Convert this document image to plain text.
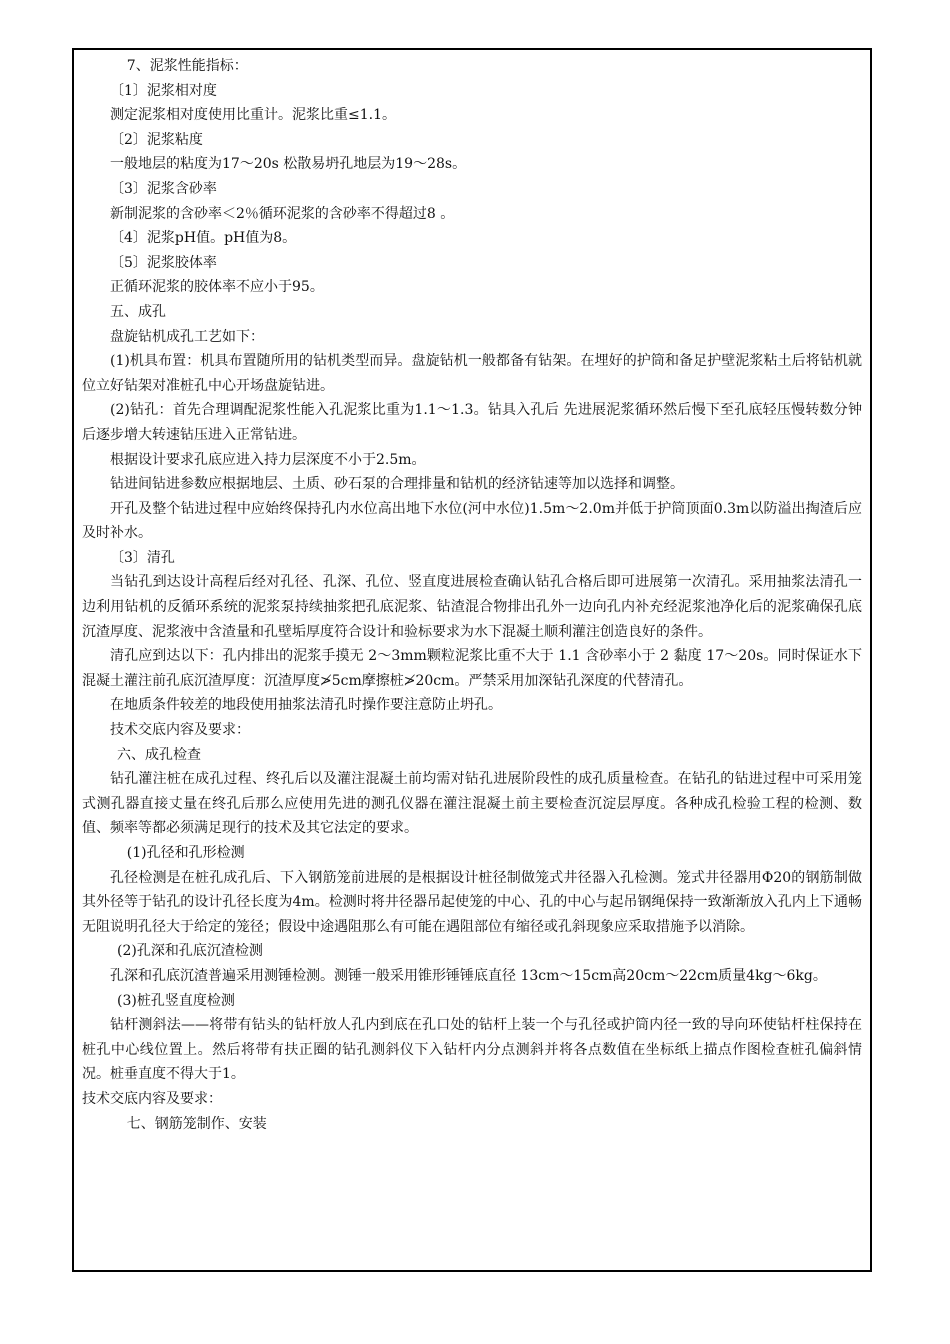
7、泥浆性能指标：

〔1〕泥浆相对度

测定泥浆相对度使用比重计。泥浆比重≤1.1。

〔2〕泥浆粘度

一般地层的粘度为17～20s 松散易坍孔地层为19～28s。

〔3〕泥浆含砂率

新制泥浆的含砂率＜2％循环泥浆的含砂率不得超过8 。

〔4〕泥浆pH值。pH值为8。

〔5〕泥浆胶体率

正循环泥浆的胶体率不应小于95。

五、成孔

盘旋钻机成孔工艺如下：

(1)机具布置：机具布置随所用的钻机类型而异。盘旋钻机一般都备有钻架。在埋好的护筒和备足护壁泥浆粘土后将钻机就位立好钻架对准桩孔中心开场盘旋钻进。

(2)钻孔：首先合理调配泥浆性能入孔泥浆比重为1.1～1.3。钻具入孔后 先进展泥浆循环然后慢下至孔底轻压慢转数分钟后逐步增大转速钻压进入正常钻进。

根据设计要求孔底应进入持力层深度不小于2.5m。

钻进间钻进参数应根据地层、土质、砂石泵的合理排量和钻机的经济钻速等加以选择和调整。

开孔及整个钻进过程中应始终保持孔内水位高出地下水位(河中水位)1.5m～2.0m并低于护筒顶面0.3m以防溢出掏渣后应及时补水。

〔3〕清孔

当钻孔到达设计高程后经对孔径、孔深、孔位、竖直度进展检查确认钻孔合格后即可进展第一次清孔。采用抽浆法清孔一边利用钻机的反循环系统的泥浆泵持续抽浆把孔底泥浆、钻渣混合物排出孔外一边向孔内补充经泥浆池净化后的泥浆确保孔底沉渣厚度、泥浆液中含渣量和孔壁垢厚度符合设计和验标要求为水下混凝土顺利灌注创造良好的条件。

清孔应到达以下：孔内排出的泥浆手摸无 2～3mm颗粒泥浆比重不大于 1.1 含砂率小于 2 黏度 17～20s。同时保证水下混凝土灌注前孔底沉渣厚度：沉渣厚度≯5cm摩擦桩≯20cm。严禁采用加深钻孔深度的代替清孔。

在地质条件较差的地段使用抽浆法清孔时操作要注意防止坍孔。

技术交底内容及要求：

六、成孔检查

钻孔灌注桩在成孔过程、终孔后以及灌注混凝土前均需对钻孔进展阶段性的成孔质量检查。在钻孔的钻进过程中可采用笼式测孔器直接丈量在终孔后那么应使用先进的测孔仪器在灌注混凝土前主要检查沉淀层厚度。各种成孔检验工程的检测、数值、频率等都必须满足现行的技术及其它法定的要求。

(1)孔径和孔形检测

孔径检测是在桩孔成孔后、下入钢筋笼前进展的是根据设计桩径制做笼式井径器入孔检测。笼式井径器用Φ20的钢筋制做其外径等于钻孔的设计孔径长度为4m。检测时将井径器吊起使笼的中心、孔的中心与起吊钢绳保持一致渐渐放入孔内上下通畅无阻说明孔径大于给定的笼径；假设中途遇阻那么有可能在遇阻部位有缩径或孔斜现象应采取措施予以消除。

(2)孔深和孔底沉渣检测

孔深和孔底沉渣普遍采用测锤检测。测锤一般采用锥形锤锤底直径 13cm～15cm高20cm～22cm质量4kg～6kg。

(3)桩孔竖直度检测

钻杆测斜法——将带有钻头的钻杆放人孔内到底在孔口处的钻杆上装一个与孔径或护筒内径一致的导向环使钻杆柱保持在桩孔中心线位置上。然后将带有扶正圈的钻孔测斜仪下入钻杆内分点测斜并将各点数值在坐标纸上描点作图检查桩孔偏斜情况。桩垂直度不得大于1。

技术交底内容及要求：

七、钢筋笼制作、安装
